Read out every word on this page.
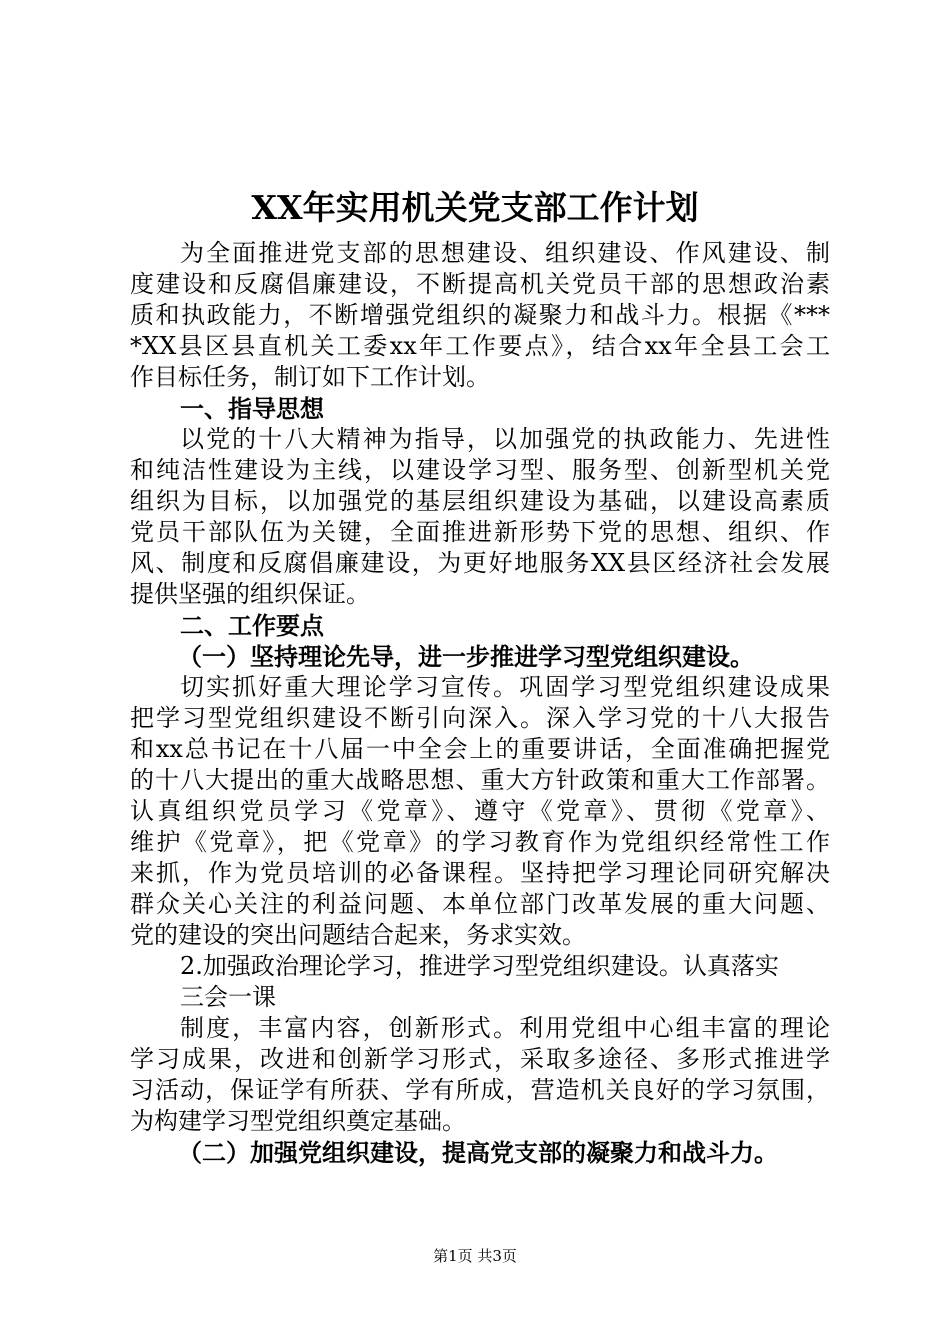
XX年实用机关党支部工作计划
为全面推进党支部的思想建设、组织建设、作风建设、制
度建设和反腐倡廉建设，不断提高机关党员干部的思想政治素
质和执政能力，不断增强党组织的凝聚力和战斗力。根据《***
*XX县区县直机关工委xx年工作要点》，结合xx年全县工会工
作目标任务，制订如下工作计划。
一、指导思想
以党的十八大精神为指导，以加强党的执政能力、先进性
和纯洁性建设为主线，以建设学习型、服务型、创新型机关党
组织为目标，以加强党的基层组织建设为基础，以建设高素质
党员干部队伍为关键，全面推进新形势下党的思想、组织、作
风、制度和反腐倡廉建设，为更好地服务XX县区经济社会发展
提供坚强的组织保证。
二、工作要点
（一）坚持理论先导，进一步推进学习型党组织建设。
切实抓好重大理论学习宣传。巩固学习型党组织建设成果
把学习型党组织建设不断引向深入。深入学习党的十八大报告
和xx总书记在十八届一中全会上的重要讲话，全面准确把握党
的十八大提出的重大战略思想、重大方针政策和重大工作部署。
认真组织党员学习《党章》、遵守《党章》、贯彻《党章》、
维护《党章》，把《党章》的学习教育作为党组织经常性工作
来抓，作为党员培训的必备课程。坚持把学习理论同研究解决
群众关心关注的利益问题、本单位部门改革发展的重大问题、
党的建设的突出问题结合起来，务求实效。
2.加强政治理论学习，推进学习型党组织建设。认真落实
三会一课
制度，丰富内容，创新形式。利用党组中心组丰富的理论
学习成果，改进和创新学习形式，采取多途径、多形式推进学
习活动，保证学有所获、学有所成，营造机关良好的学习氛围，
为构建学习型党组织奠定基础。
（二）加强党组织建设，提高党支部的凝聚力和战斗力。
第1页 共3页
